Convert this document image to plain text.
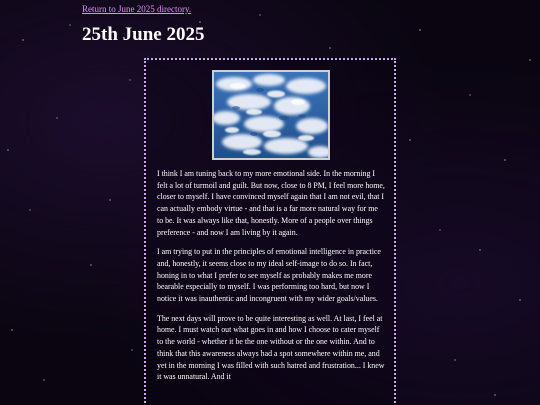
Return to June 2025 directory.
25th June 2025

I think I am tuning back to my more emotional side. In the morning I felt a lot of turmoil and guilt. But now, close to 8 PM, I feel more home, closer to myself. I have convinced myself again that I am not evil, that I can actually embody virtue - and that is a far more natural way for me to be. It was always like that, honestly. More of a people over things preference - and now I am living by it again.

I am trying to put in the principles of emotional intelligence in practice and, honestly, it seems close to my ideal self-image to do so. In fact, honing in to what I prefer to see myself as probably makes me more bearable especially to myself. I was performing too hard, but now I notice it was inauthentic and incongruent with my wider goals/values.

The next days will prove to be quite interesting as well. At last, I feel at home. I must watch out what goes in and how I choose to cater myself to the world - whether it be the one without or the one within. And to think that this awareness always had a spot somewhere within me, and yet in the morning I was filled with such hatred and frustration... I knew it was unnatural. And it
